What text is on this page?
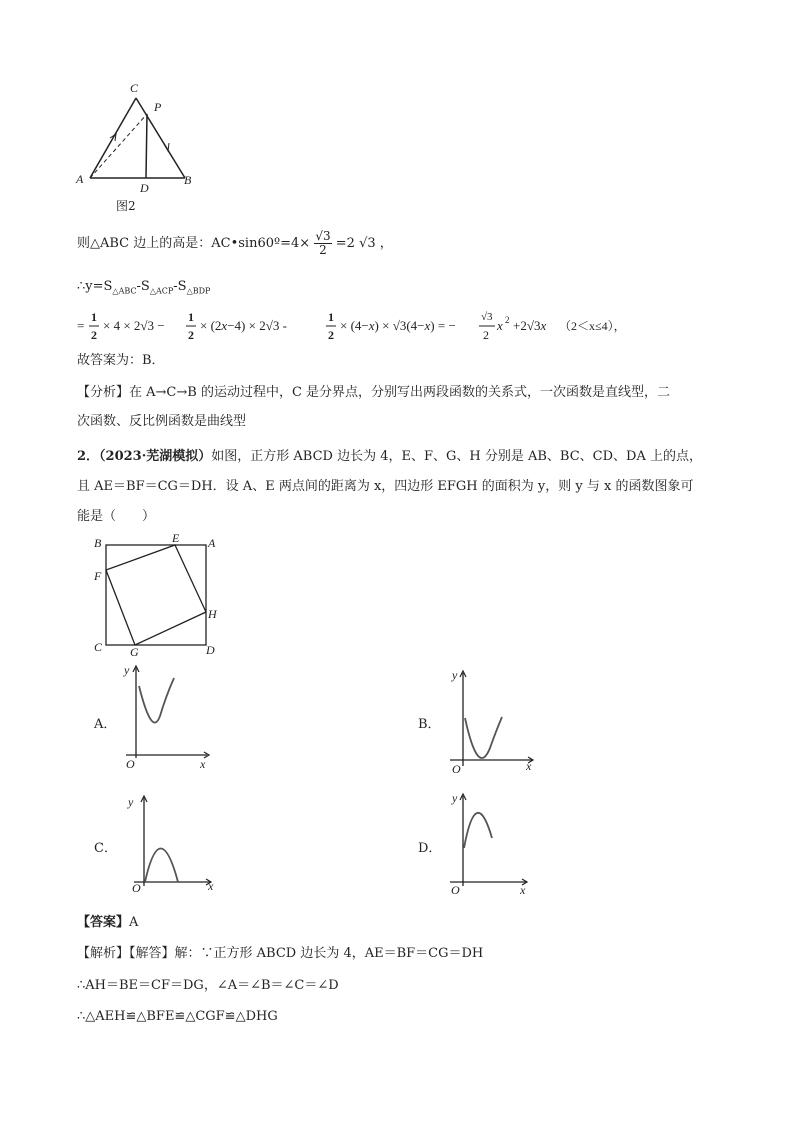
C
P
A
D
B
图2
则△ABC 边上的高是：AC•sin60º=4× $\frac{√3}{2} =2$ √3 ，
$\therefore y=S_{\triangle ABC}-S_{\triangle ACP}-S_{\triangle BDP}$
=
1
2
× 4 × 2√3 −
1
2
× (2x−4) × 2√3 -
1
2
× (4−x) × √3(4−x) = −
√3
2
x 2 +2√3x （2＜x≤4），
故答案为：B．
【分析】在 A→C→B 的运动过程中，C 是分界点，分别写出两段函数的关系式，一次函数是直线型，二
次函数、反比例函数是曲线型
2．（2023·芜湖模拟）如图，正方形 ABCD 边长为 4，E、F、G、H 分别是 AB、BC、CD、DA 上的点，
且 AE＝BF＝CG＝DH．设 A、E 两点间的距离为 x，四边形 EFGH 的面积为 y，则 y 与 x 的函数图象可
能是（　　）
B	E A
F
H
C G	D
A．
y
O	x
B．
y
O	x
C．
y
O	x
D．
y
O	x
【答案】A
【解析】【解答】解：∵正方形 ABCD 边长为 4，AE＝BF＝CG＝DH
∴AH＝BE＝CF＝DG，∠A＝∠B＝∠C＝∠D
∴△AEH≌△BFE≌△CGF≌△DHG
